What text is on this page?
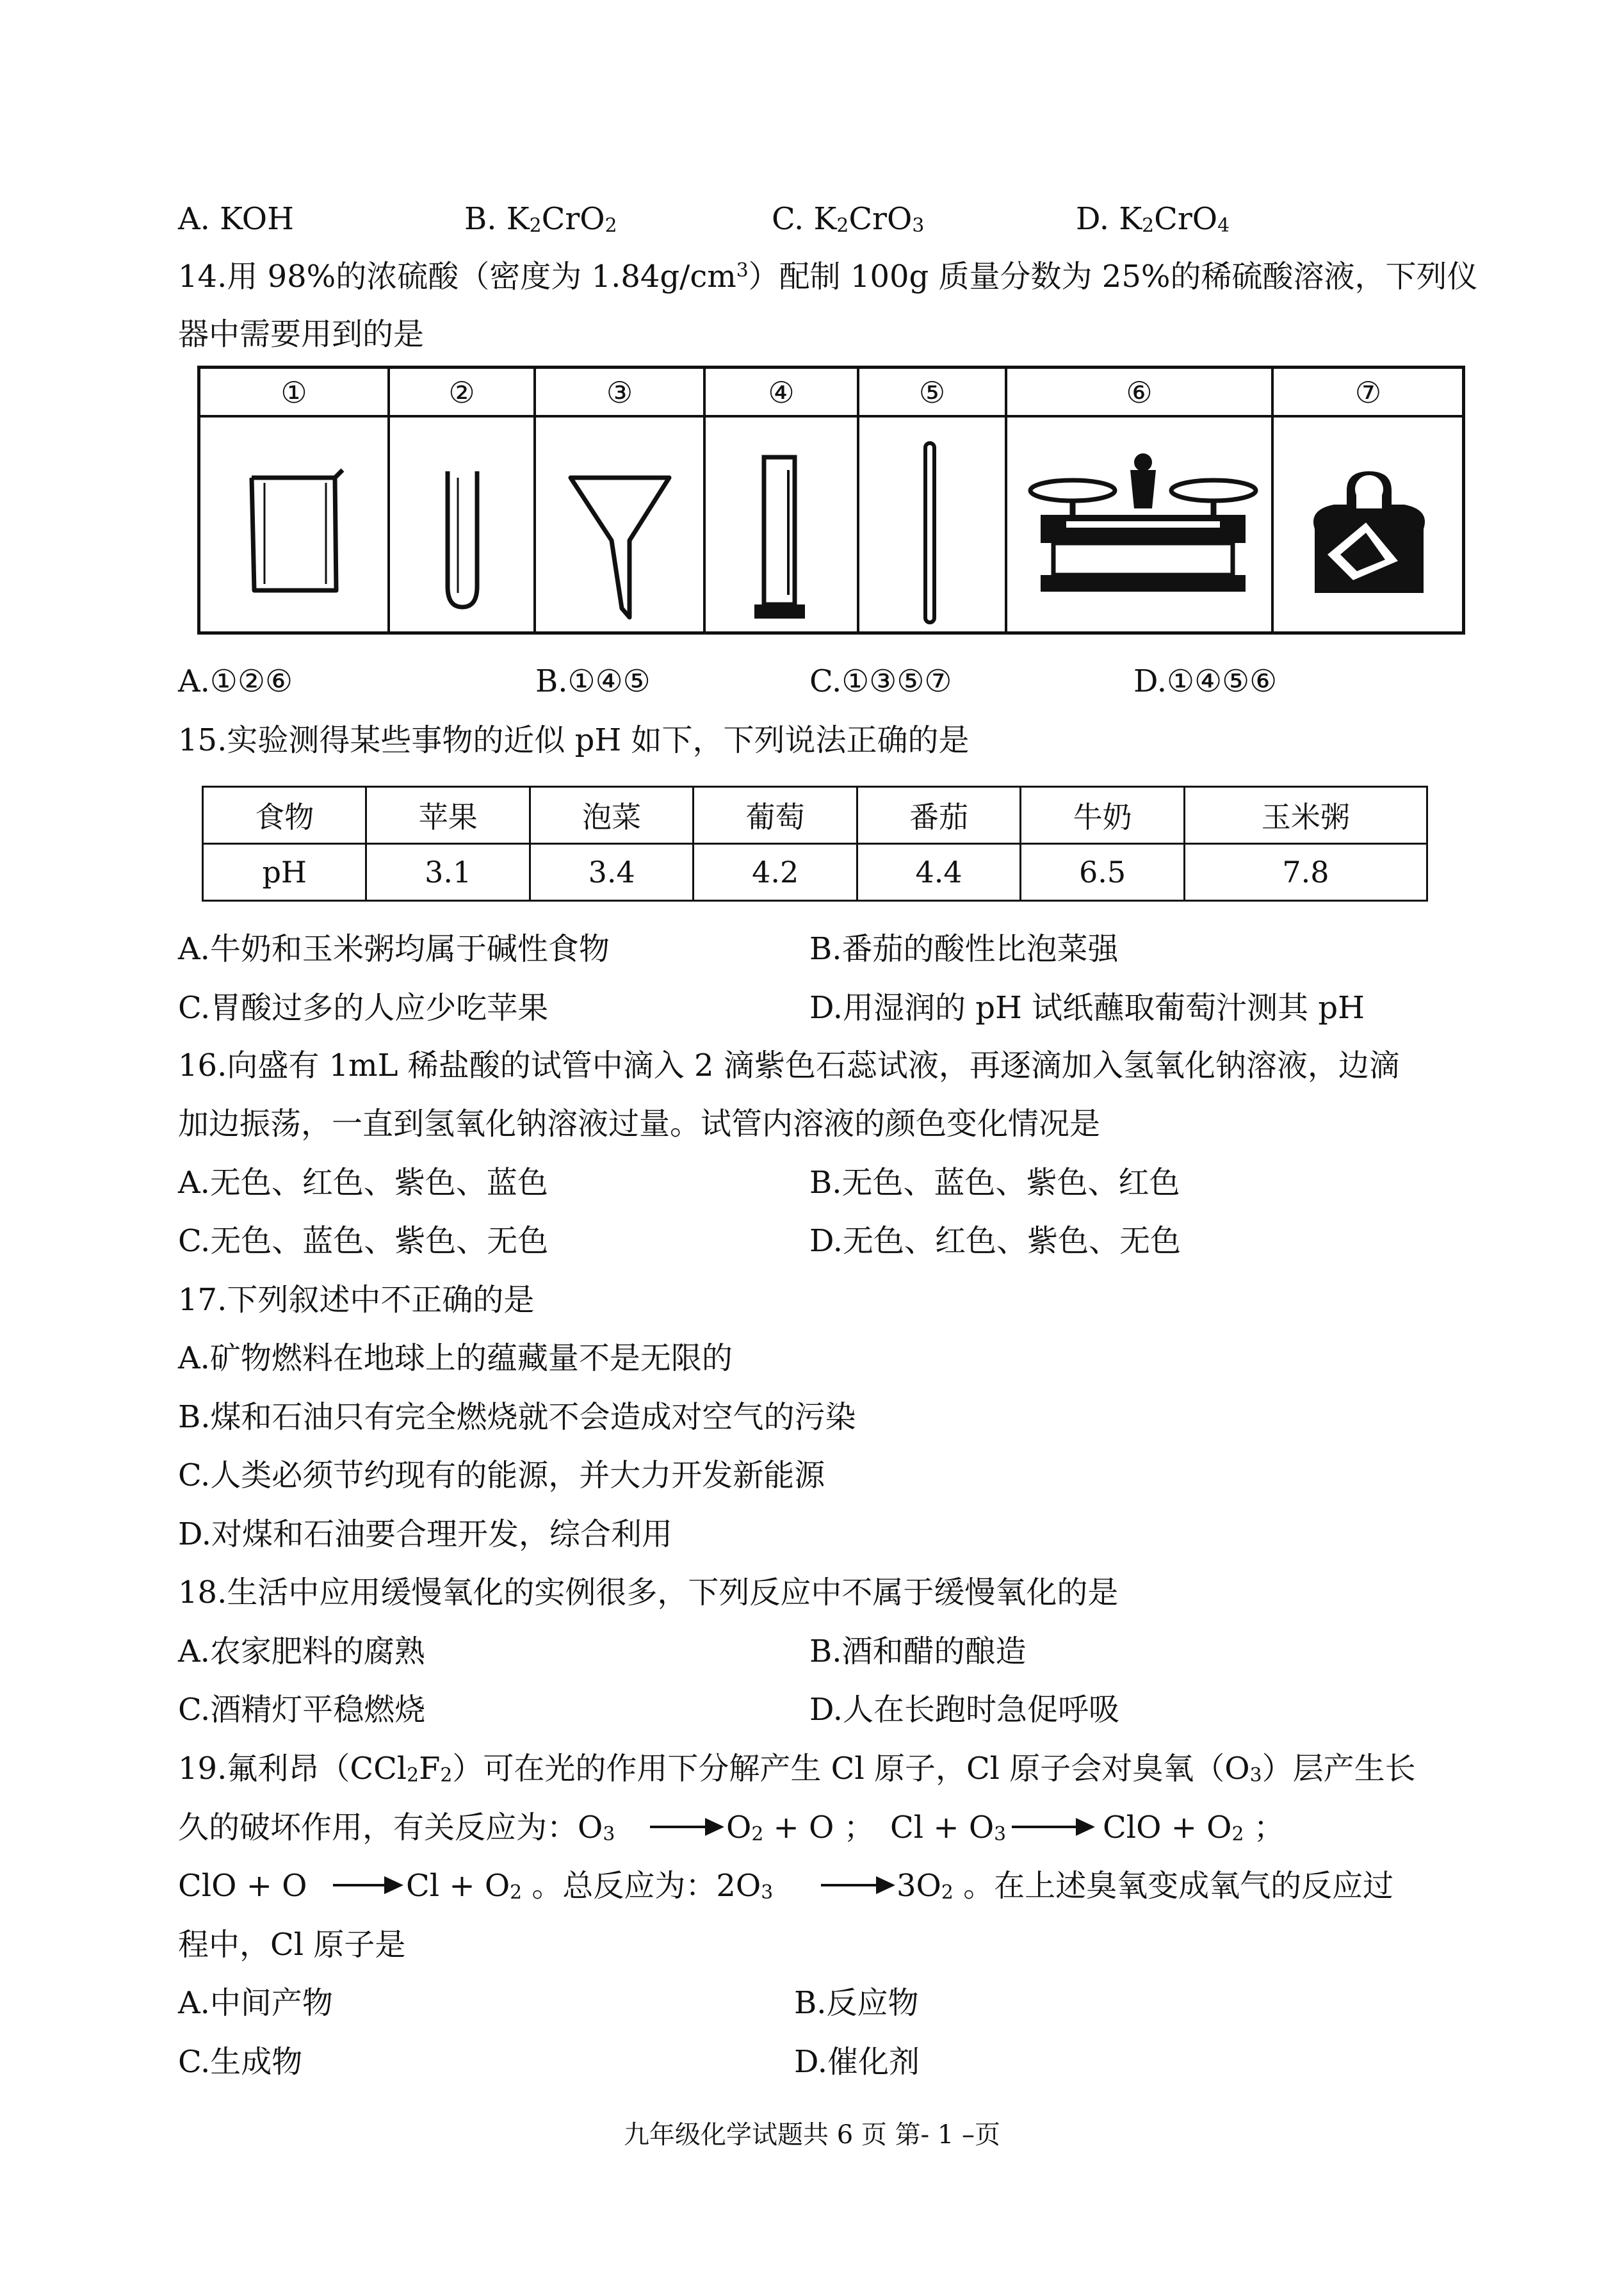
A. KOH	B. $K_2CrO_2$	C. $K_2CrO_3$	D. $K_2CrO_4$
14.用 98%的浓硫酸（密度为 $1.84g/cm^3$）配制 100g 质量分数为 25%的稀硫酸溶液，下列仪
器中需要用到的是
①	②	③	④	⑤	⑥	⑦
A.①②⑥	B.①④⑤	C.①③⑤⑦	D.①④⑤⑥
15.实验测得某些事物的近似 pH 如下，下列说法正确的是
食物	苹果	泡菜	葡萄	番茄	牛奶	玉米粥
pH	3.1	3.4	4.2	4.4	6.5	7.8
A.牛奶和玉米粥均属于碱性食物	B.番茄的酸性比泡菜强
C.胃酸过多的人应少吃苹果	D.用湿润的 pH 试纸蘸取葡萄汁测其 pH
16.向盛有 1mL 稀盐酸的试管中滴入 2 滴紫色石蕊试液，再逐滴加入氢氧化钠溶液，边滴
加边振荡，一直到氢氧化钠溶液过量。试管内溶液的颜色变化情况是
A.无色、红色、紫色、蓝色	B.无色、蓝色、紫色、红色
C.无色、蓝色、紫色、无色	D.无色、红色、紫色、无色
17.下列叙述中不正确的是
A.矿物燃料在地球上的蕴藏量不是无限的
B.煤和石油只有完全燃烧就不会造成对空气的污染
C.人类必须节约现有的能源，并大力开发新能源
D.对煤和石油要合理开发，综合利用
18.生活中应用缓慢氧化的实例很多，下列反应中不属于缓慢氧化的是
A.农家肥料的腐熟	B.酒和醋的酿造
C.酒精灯平稳燃烧	D.人在长跑时急促呼吸
19.氟利昂$(CCl_2F_2)$可在光的作用下分解产生 Cl 原子，Cl 原子会对臭氧$(O_3)$层产生长
久的破坏作用，有关反应为：$O_3 \to O_2 + O$ ； $Cl + O_3$ → ClO + $O_2$ ；
ClO + $O \to Cl + O_2$ 。总反应为：$2O_3 \to 3O_2$ 。在上述臭氧变成氧气的反应过
程中，Cl 原子是
A.中间产物	B.反应物
C.生成物	D.催化剂
九年级化学试题共 6 页 第- 1 –页
